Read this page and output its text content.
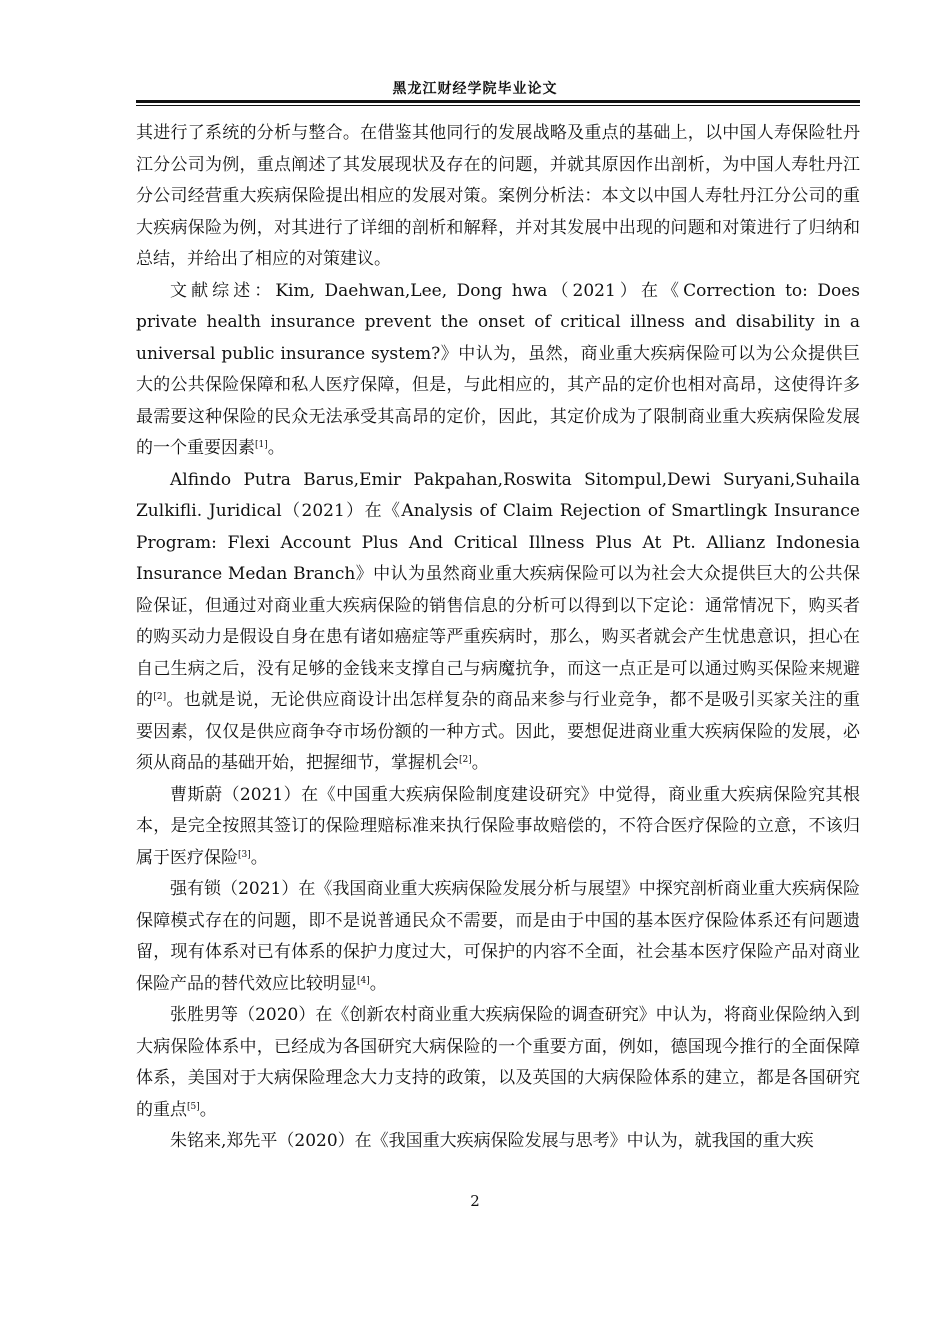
黑龙江财经学院毕业论文

其进行了系统的分析与整合。在借鉴其他同行的发展战略及重点的基础上，以中国人寿保险牡丹江分公司为例，重点阐述了其发展现状及存在的问题，并就其原因作出剖析，为中国人寿牡丹江分公司经营重大疾病保险提出相应的发展对策。案例分析法：本文以中国人寿牡丹江分公司的重大疾病保险为例，对其进行了详细的剖析和解释，并对其发展中出现的问题和对策进行了归纳和总结，并给出了相应的对策建议。

文献综述：Kim, Daehwan,Lee, Dong hwa（2021）在《Correction to: Does private health insurance prevent the onset of critical illness and disability in a universal public insurance system?》中认为，虽然，商业重大疾病保险可以为公众提供巨大的公共保险保障和私人医疗保障，但是，与此相应的，其产品的定价也相对高昂，这使得许多最需要这种保险的民众无法承受其高昂的定价，因此，其定价成为了限制商业重大疾病保险发展的一个重要因素[1]。

Alfindo Putra Barus,Emir Pakpahan,Roswita Sitompul,Dewi Suryani,Suhaila Zulkifli. Juridical（2021）在《Analysis of Claim Rejection of Smartlingk Insurance Program: Flexi Account Plus And Critical Illness Plus At Pt. Allianz Indonesia Insurance Medan Branch》中认为虽然商业重大疾病保险可以为社会大众提供巨大的公共保险保证，但通过对商业重大疾病保险的销售信息的分析可以得到以下定论：通常情况下，购买者的购买动力是假设自身在患有诸如癌症等严重疾病时，那么，购买者就会产生忧患意识，担心在自己生病之后，没有足够的金钱来支撑自己与病魔抗争，而这一点正是可以通过购买保险来规避的[2]。也就是说，无论供应商设计出怎样复杂的商品来参与行业竞争，都不是吸引买家关注的重要因素，仅仅是供应商争夺市场份额的一种方式。因此，要想促进商业重大疾病保险的发展，必须从商品的基础开始，把握细节，掌握机会[2]。

曹斯蔚（2021）在《中国重大疾病保险制度建设研究》中觉得，商业重大疾病保险究其根本，是完全按照其签订的保险理赔标准来执行保险事故赔偿的，不符合医疗保险的立意，不该归属于医疗保险[3]。

强有锁（2021）在《我国商业重大疾病保险发展分析与展望》中探究剖析商业重大疾病保险保障模式存在的问题，即不是说普通民众不需要，而是由于中国的基本医疗保险体系还有问题遗留，现有体系对已有体系的保护力度过大，可保护的内容不全面，社会基本医疗保险产品对商业保险产品的替代效应比较明显[4]。

张胜男等（2020）在《创新农村商业重大疾病保险的调查研究》中认为，将商业保险纳入到大病保险体系中，已经成为各国研究大病保险的一个重要方面，例如，德国现今推行的全面保障体系，美国对于大病保险理念大力支持的政策，以及英国的大病保险体系的建立，都是各国研究的重点[5]。

朱铭来,郑先平（2020）在《我国重大疾病保险发展与思考》中认为，就我国的重大疾

2
